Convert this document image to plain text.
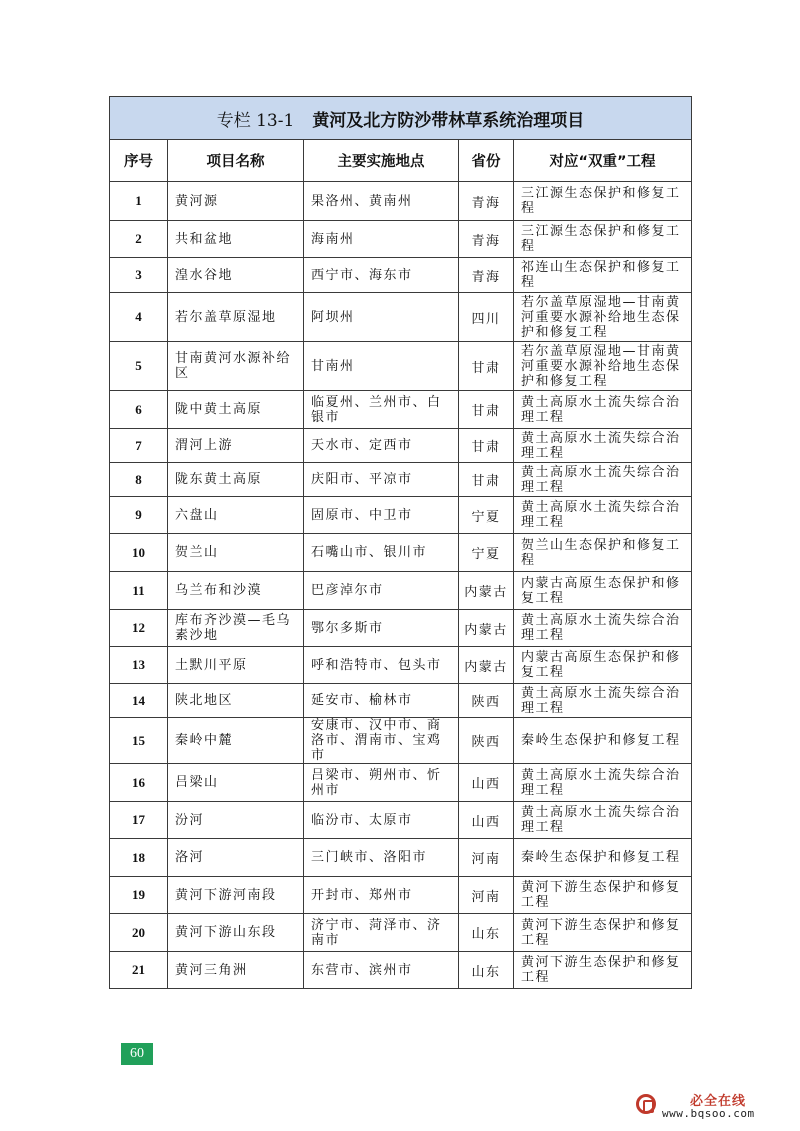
专栏 13-1 黄河及北方防沙带林草系统治理项目				
序号	项目名称	主要实施地点	省份	对应“双重”工程
1	黄河源	果洛州、黄南州	青海	三江源生态保护和修复工程
2	共和盆地	海南州	青海	三江源生态保护和修复工程
3	湟水谷地	西宁市、海东市	青海	祁连山生态保护和修复工程
4	若尔盖草原湿地	阿坝州	四川	若尔盖草原湿地—甘南黄河重要水源补给地生态保护和修复工程
5	甘南黄河水源补给区	甘南州	甘肃	若尔盖草原湿地—甘南黄河重要水源补给地生态保护和修复工程
6	陇中黄土高原	临夏州、兰州市、白银市	甘肃	黄土高原水土流失综合治理工程
7	渭河上游	天水市、定西市	甘肃	黄土高原水土流失综合治理工程
8	陇东黄土高原	庆阳市、平凉市	甘肃	黄土高原水土流失综合治理工程
9	六盘山	固原市、中卫市	宁夏	黄土高原水土流失综合治理工程
10	贺兰山	石嘴山市、银川市	宁夏	贺兰山生态保护和修复工程
11	乌兰布和沙漠	巴彦淖尔市	内蒙古	内蒙古高原生态保护和修复工程
12	库布齐沙漠—毛乌素沙地	鄂尔多斯市	内蒙古	黄土高原水土流失综合治理工程
13	土默川平原	呼和浩特市、包头市	内蒙古	内蒙古高原生态保护和修复工程
14	陕北地区	延安市、榆林市	陕西	黄土高原水土流失综合治理工程
15	秦岭中麓	安康市、汉中市、商洛市、渭南市、宝鸡市	陕西	秦岭生态保护和修复工程
16	吕梁山	吕梁市、朔州市、忻州市	山西	黄土高原水土流失综合治理工程
17	汾河	临汾市、太原市	山西	黄土高原水土流失综合治理工程
18	洛河	三门峡市、洛阳市	河南	秦岭生态保护和修复工程
19	黄河下游河南段	开封市、郑州市	河南	黄河下游生态保护和修复工程
20	黄河下游山东段	济宁市、菏泽市、济南市	山东	黄河下游生态保护和修复工程
21	黄河三角洲	东营市、滨州市	山东	黄河下游生态保护和修复工程
60
必全在线
www.bqsoo.com
